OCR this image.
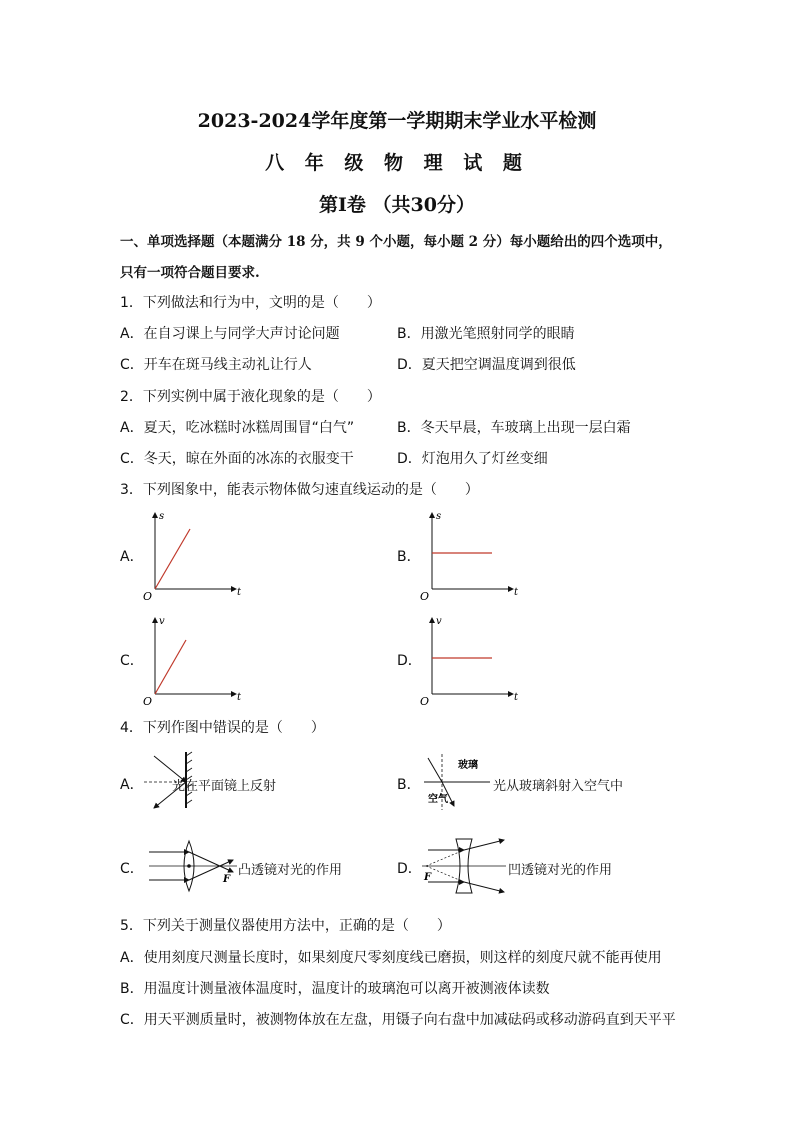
2023-2024学年度第一学期期末学业水平检测
八 年 级 物 理 试 题
第Ⅰ卷 （共30分）
一、单项选择题（本题满分 18 分，共 9 个小题，每小题 2 分）每小题给出的四个选项中，
只有一项符合题目要求.
1．下列做法和行为中，文明的是（　　）
A．在自习课上与同学大声讨论问题	B．用激光笔照射同学的眼睛
C．开车在斑马线主动礼让行人	D．夏天把空调温度调到很低
2．下列实例中属于液化现象的是（　　）
A．夏天，吃冰糕时冰糕周围冒“白气”	B．冬天早晨，车玻璃上出现一层白霜
C．冬天，晾在外面的冰冻的衣服变干	D．灯泡用久了灯丝变细
3．下列图象中，能表示物体做匀速直线运动的是（　　）
A．
s
t
O
B．
s
t
O
C．
v
t
O
D．
v
t
O
4．下列作图中错误的是（　　）
A． 光在平面镜上反射	B．
玻璃
空气
光从玻璃斜射入空气中
C．
F
凸透镜对光的作用	D．
F	凹透镜对光的作用
5．下列关于测量仪器使用方法中，正确的是（　　）
A．使用刻度尺测量长度时，如果刻度尺零刻度线已磨损，则这样的刻度尺就不能再使用
B．用温度计测量液体温度时，温度计的玻璃泡可以离开被测液体读数
C．用天平测质量时，被测物体放在左盘，用镊子向右盘中加减砝码或移动游码直到天平平
